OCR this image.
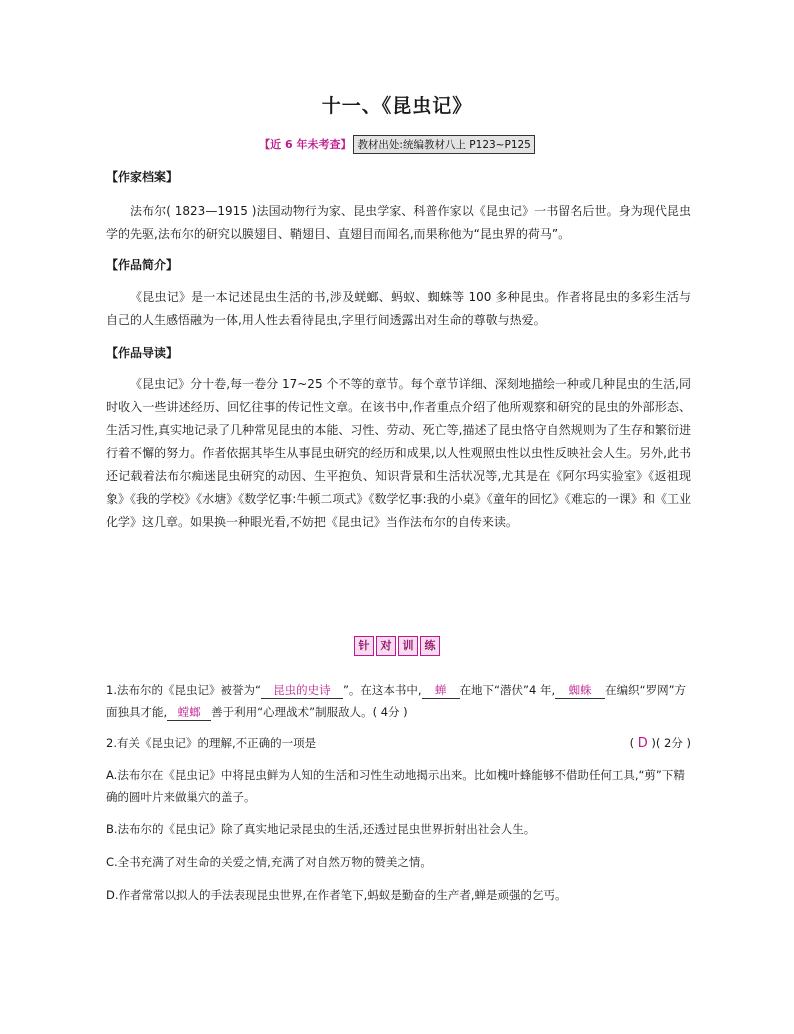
十一、《昆虫记》
【近 6 年未考查】 教材出处:统编教材八上 P123~P125
【作家档案】

法布尔( 1823—1915 )法国动物行为家、昆虫学家、科普作家以《昆虫记》一书留名后世。身为现代昆虫学的先驱,法布尔的研究以膜翅目、鞘翅目、直翅目而闻名,而果称他为“昆虫界的荷马”。

【作品简介】

《昆虫记》是一本记述昆虫生活的书,涉及蜣螂、蚂蚁、蜘蛛等 100 多种昆虫。作者将昆虫的多彩生活与自己的人生感悟融为一体,用人性去看待昆虫,字里行间透露出对生命的尊敬与热爱。

【作品导读】

《昆虫记》分十卷,每一卷分 17~25 个不等的章节。每个章节详细、深刻地描绘一种或几种昆虫的生活,同时收入一些讲述经历、回忆往事的传记性文章。在该书中,作者重点介绍了他所观察和研究的昆虫的外部形态、生活习性,真实地记录了几种常见昆虫的本能、习性、劳动、死亡等,描述了昆虫恪守自然规则为了生存和繁衍进行着不懈的努力。作者依据其毕生从事昆虫研究的经历和成果,以人性观照虫性以虫性反映社会人生。另外,此书还记载着法布尔痴迷昆虫研究的动因、生平抱负、知识背景和生活状况等,尤其是在《阿尔玛实验室》《返祖现象》《我的学校》《水塘》《数学忆事:牛顿二项式》《数学忆事:我的小桌》《童年的回忆》《难忘的一课》和《工业化学》这几章。如果换一种眼光看,不妨把《昆虫记》当作法布尔的自传来读。

针 对 训 练

1.法布尔的《昆虫记》被誉为“ 昆虫的史诗 ”。在这本书中, 蝉 在地下“潜伏”4 年, 蜘蛛 在编织“罗网”方面独具才能, 螳螂 善于利用“心理战术”制服敌人。( 4分 )

2.有关《昆虫记》的理解,不正确的一项是	( D )( 2分 )

A.法布尔在《昆虫记》中将昆虫鲜为人知的生活和习性生动地揭示出来。比如槐叶蜂能够不借助任何工具,“剪”下精确的圆叶片来做巢穴的盖子。

B.法布尔的《昆虫记》除了真实地记录昆虫的生活,还透过昆虫世界折射出社会人生。

C.全书充满了对生命的关爱之情,充满了对自然万物的赞美之情。

D.作者常常以拟人的手法表现昆虫世界,在作者笔下,蚂蚁是勤奋的生产者,蝉是顽强的乞丐。
